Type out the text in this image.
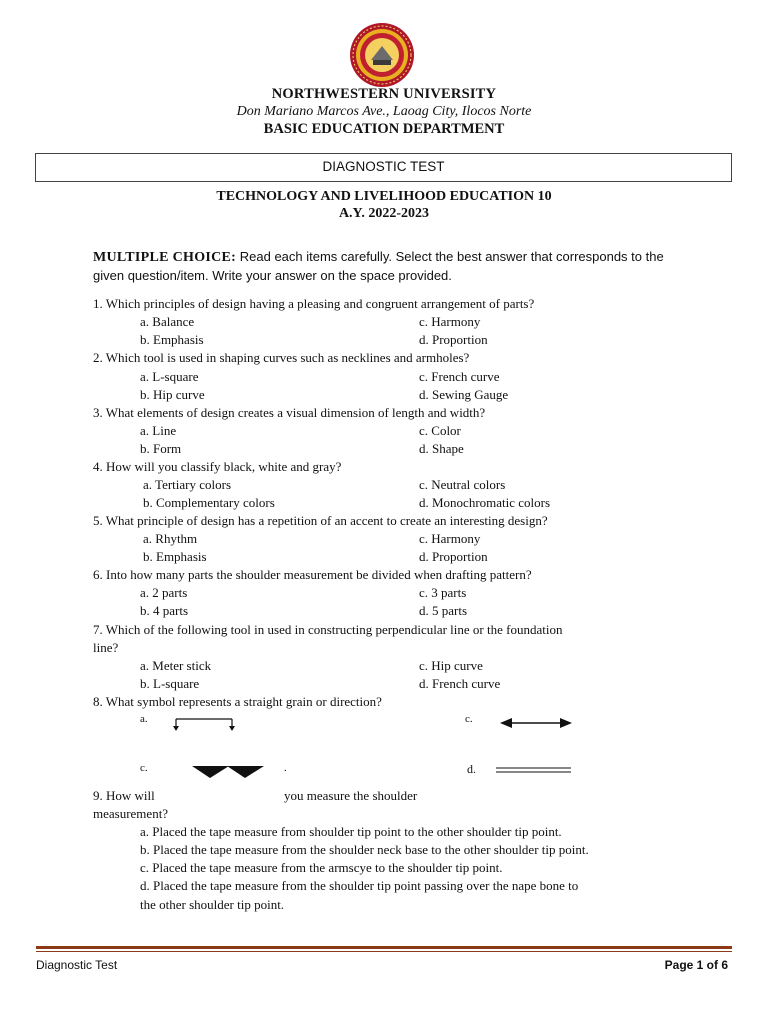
NORTHWESTERN UNIVERSITY
Don Mariano Marcos Ave., Laoag City, Ilocos Norte
BASIC EDUCATION DEPARTMENT
DIAGNOSTIC TEST
TECHNOLOGY AND LIVELIHOOD EDUCATION 10
A.Y. 2022-2023
MULTIPLE CHOICE: Read each items carefully. Select the best answer that corresponds to the given question/item. Write your answer on the space provided.
1. Which principles of design having a pleasing and congruent arrangement of parts?
a. Balance	c. Harmony
b. Emphasis	d. Proportion
2. Which tool is used in shaping curves such as necklines and armholes?
a. L-square	c. French curve
b. Hip curve	d. Sewing Gauge
3. What elements of design creates a visual dimension of length and width?
a. Line	c. Color
b. Form	d. Shape
4. How will you classify black, white and gray?
a. Tertiary colors	c. Neutral colors
b. Complementary colors	d. Monochromatic colors
5. What principle of design has a repetition of an accent to create an interesting design?
a. Rhythm	c. Harmony
b. Emphasis	d. Proportion
6. Into how many parts the shoulder measurement be divided when drafting pattern?
a. 2 parts	c. 3 parts
b. 4 parts	d. 5 parts
7. Which of the following tool in used in constructing perpendicular line or the foundation
line?
a. Meter stick	c. Hip curve
b. L-square	d. French curve
8. What symbol represents a straight grain or direction?
a.	c.
c.	.	d.
9. How will	you measure the shoulder
measurement?
a. Placed the tape measure from shoulder tip point to the other shoulder tip point.
b. Placed the tape measure from the shoulder neck base to the other shoulder tip point.
c. Placed the tape measure from the armscye to the shoulder tip point.
d. Placed the tape measure from the shoulder tip point passing over the nape bone to
the other shoulder tip point.
Diagnostic Test	Page 1 of 6
